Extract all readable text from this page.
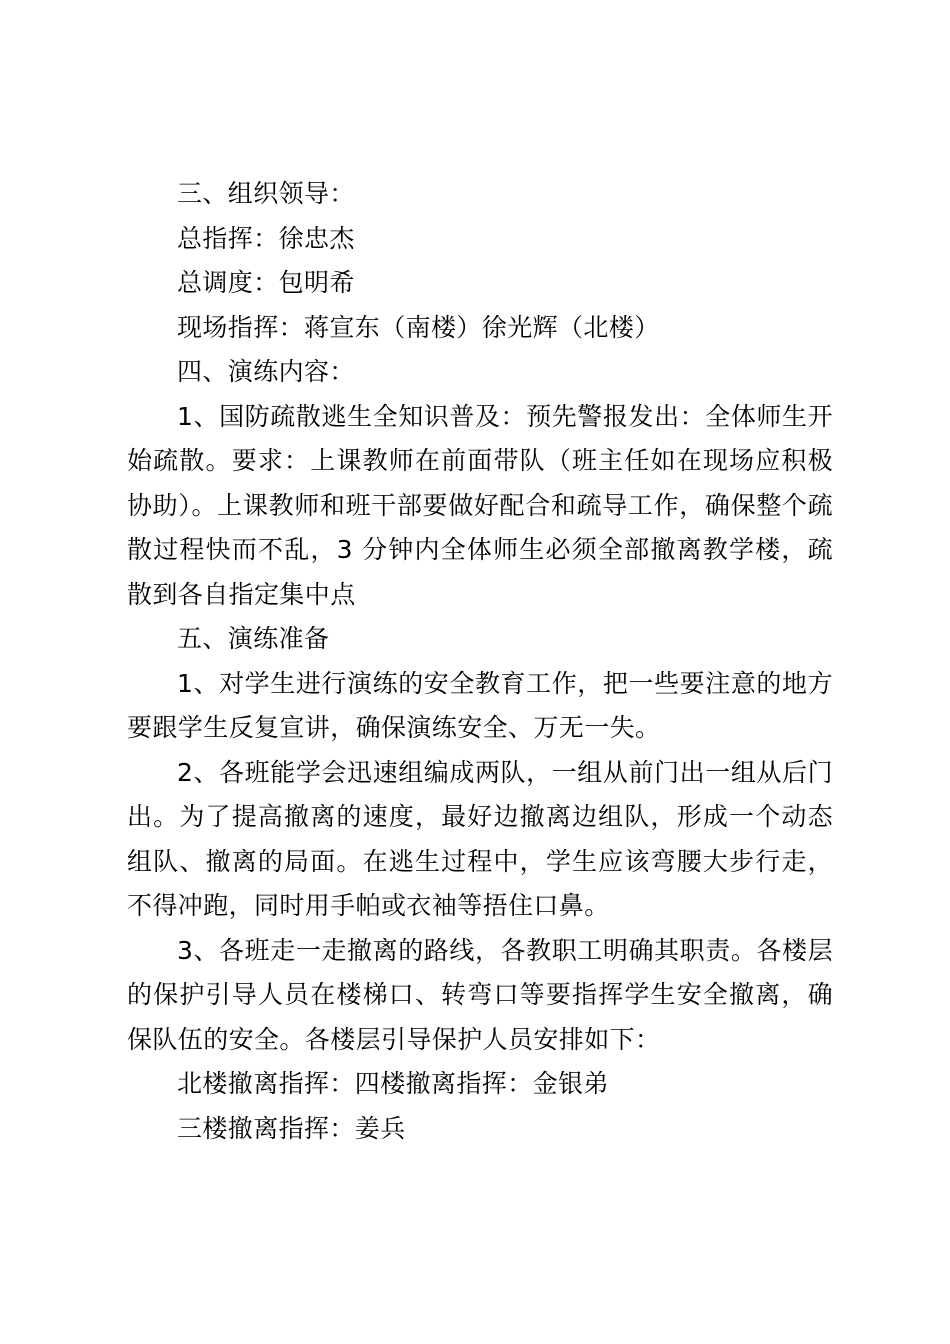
三、组织领导：

总指挥：徐忠杰

总调度：包明希

现场指挥：蒋宣东（南楼）徐光辉（北楼）

四、演练内容：

1、国防疏散逃生全知识普及：预先警报发出：全体师生开始疏散。要求：上课教师在前面带队（班主任如在现场应积极协助）。上课教师和班干部要做好配合和疏导工作，确保整个疏散过程快而不乱，3 分钟内全体师生必须全部撤离教学楼，疏散到各自指定集中点

五、演练准备

1、对学生进行演练的安全教育工作，把一些要注意的地方要跟学生反复宣讲，确保演练安全、万无一失。

2、各班能学会迅速组编成两队，一组从前门出一组从后门出。为了提高撤离的速度，最好边撤离边组队，形成一个动态组队、撤离的局面。在逃生过程中，学生应该弯腰大步行走，不得冲跑，同时用手帕或衣袖等捂住口鼻。

3、各班走一走撤离的路线，各教职工明确其职责。各楼层的保护引导人员在楼梯口、转弯口等要指挥学生安全撤离，确保队伍的安全。各楼层引导保护人员安排如下：

北楼撤离指挥：四楼撤离指挥：金银弟

三楼撤离指挥：姜兵
